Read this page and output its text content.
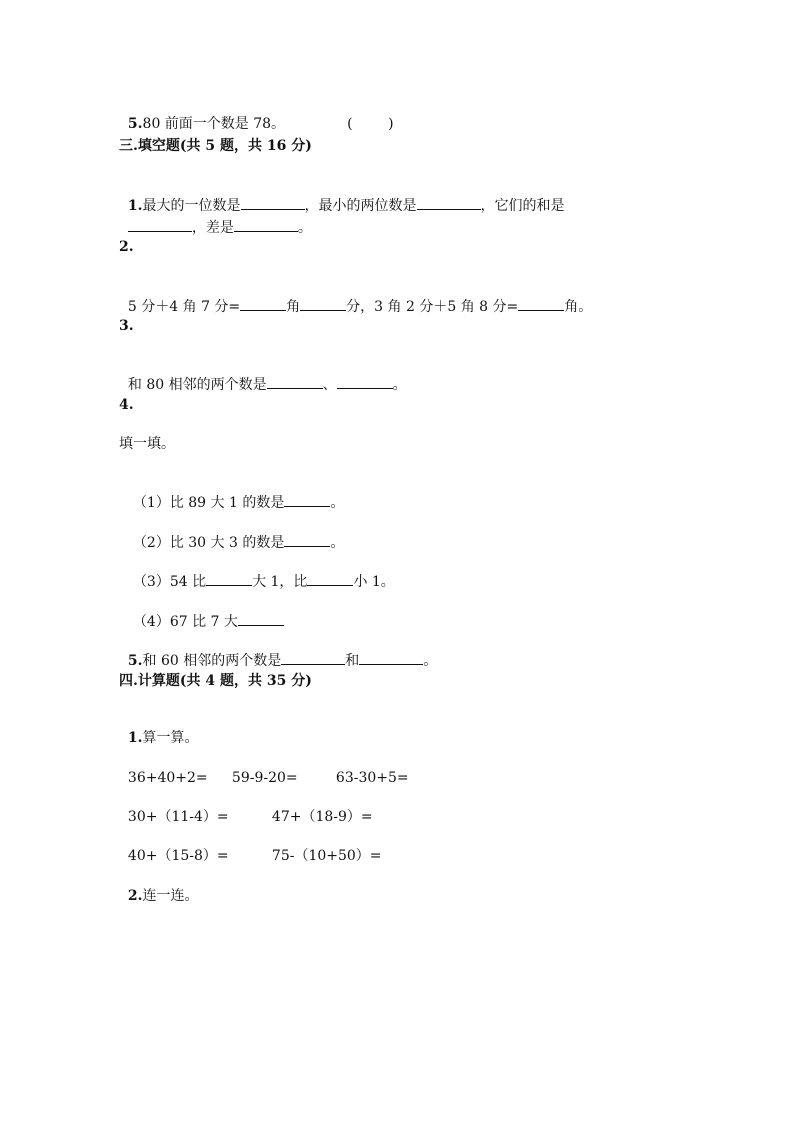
5.80 前面一个数是 78。	(        )

三.填空题(共 5 题，共 16 分)

1.最大的一位数是	，最小的两位数是	，它们的和是

，差是	。

2.

5 分＋4 角 7 分=	角	分，3 角 2 分＋5 角 8 分=	角。

3.

和 80 相邻的两个数是	、	。

4.
填一填。

（1）比 89 大 1 的数是	。

（2）比 30 大 3 的数是	。

（3）54 比	大 1，比	小 1。

（4）67 比 7 大

5.和 60 相邻的两个数是	和	。

四.计算题(共 4 题，共 35 分)

1.算一算。

36+40+2= 59-9-20=	63-30+5=

30+（11-4）=	47+（18-9）=

40+（15-8）=	75-（10+50）=

2.连一连。
